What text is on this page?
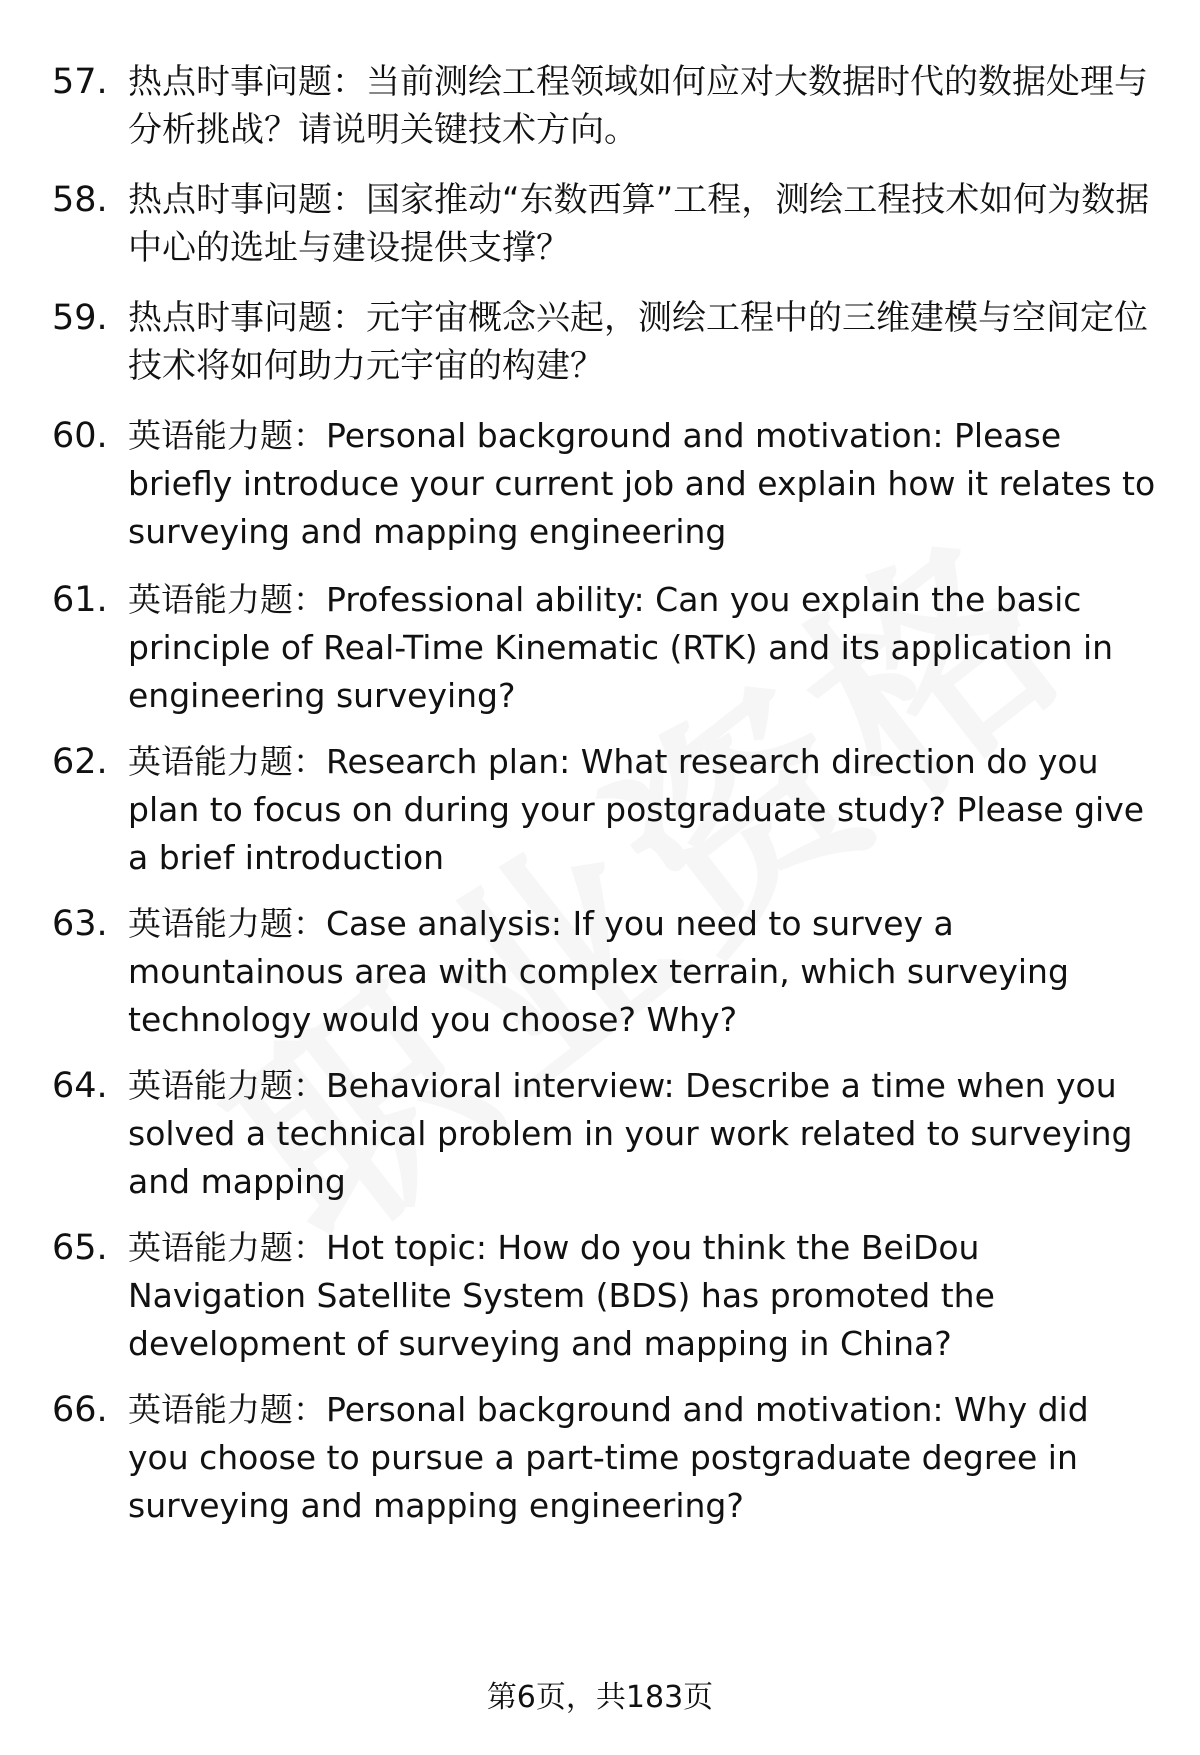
57. 热点时事问题：当前测绘工程领域如何应对大数据时代的数据处理与分析挑战？请说明关键技术方向。
58. 热点时事问题：国家推动“东数西算”工程，测绘工程技术如何为数据中心的选址与建设提供支撑？
59. 热点时事问题：元宇宙概念兴起，测绘工程中的三维建模与空间定位技术将如何助力元宇宙的构建？
60. 英语能力题：Personal background and motivation: Please briefly introduce your current job and explain how it relates to surveying and mapping engineering
61. 英语能力题：Professional ability: Can you explain the basic principle of Real-Time Kinematic (RTK) and its application in engineering surveying?
62. 英语能力题：Research plan: What research direction do you plan to focus on during your postgraduate study? Please give a brief introduction
63. 英语能力题：Case analysis: If you need to survey a mountainous area with complex terrain, which surveying technology would you choose? Why?
64. 英语能力题：Behavioral interview: Describe a time when you solved a technical problem in your work related to surveying and mapping
65. 英语能力题：Hot topic: How do you think the BeiDou Navigation Satellite System (BDS) has promoted the development of surveying and mapping in China?
66. 英语能力题：Personal background and motivation: Why did you choose to pursue a part-time postgraduate degree in surveying and mapping engineering?
第6页，共183页
